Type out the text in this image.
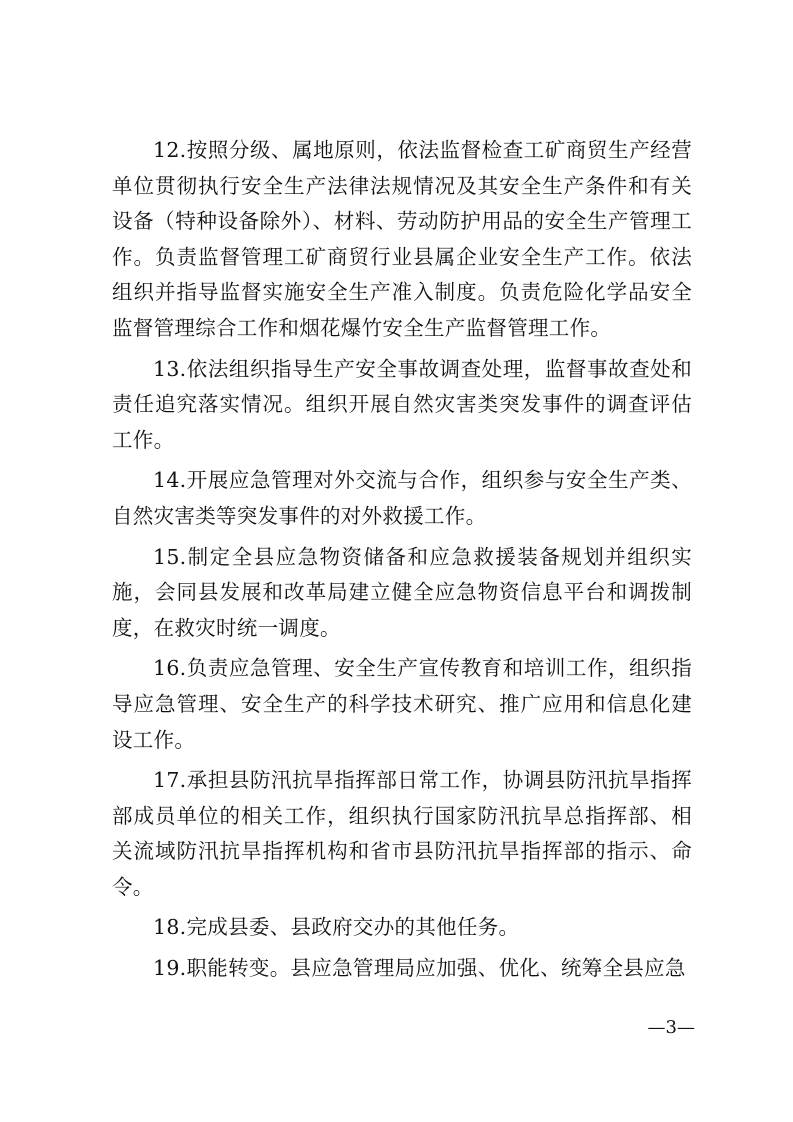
12.按照分级、属地原则，依法监督检查工矿商贸生产经营单位贯彻执行安全生产法律法规情况及其安全生产条件和有关设备（特种设备除外）、材料、劳动防护用品的安全生产管理工作。负责监督管理工矿商贸行业县属企业安全生产工作。依法组织并指导监督实施安全生产准入制度。负责危险化学品安全监督管理综合工作和烟花爆竹安全生产监督管理工作。

13.依法组织指导生产安全事故调查处理，监督事故查处和责任追究落实情况。组织开展自然灾害类突发事件的调查评估工作。

14.开展应急管理对外交流与合作，组织参与安全生产类、自然灾害类等突发事件的对外救援工作。

15.制定全县应急物资储备和应急救援装备规划并组织实施，会同县发展和改革局建立健全应急物资信息平台和调拨制度，在救灾时统一调度。

16.负责应急管理、安全生产宣传教育和培训工作，组织指导应急管理、安全生产的科学技术研究、推广应用和信息化建设工作。

17.承担县防汛抗旱指挥部日常工作，协调县防汛抗旱指挥部成员单位的相关工作，组织执行国家防汛抗旱总指挥部、相关流域防汛抗旱指挥机构和省市县防汛抗旱指挥部的指示、命令。

18.完成县委、县政府交办的其他任务。

19.职能转变。县应急管理局应加强、优化、统筹全县应急

—3—
